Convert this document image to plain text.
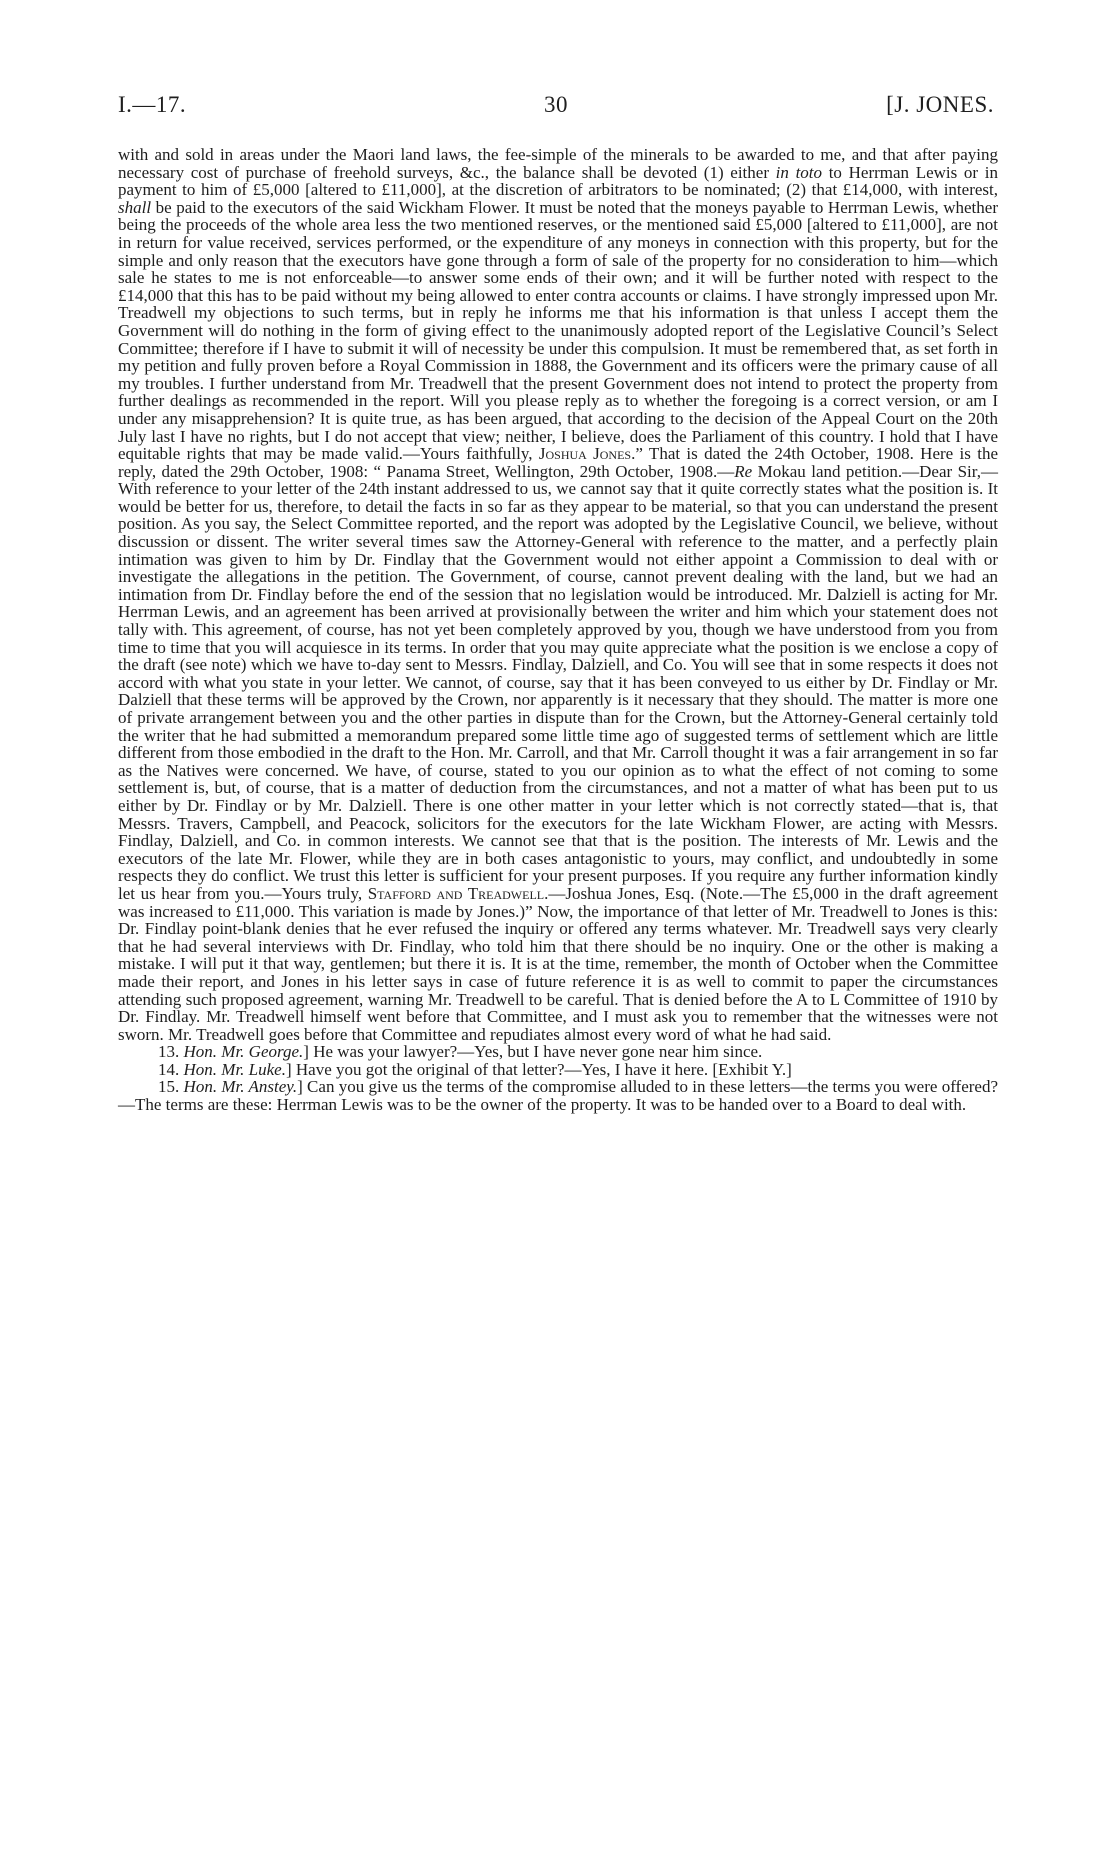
I.—17.	30	[J. JONES.

with and sold in areas under the Maori land laws, the fee-simple of the minerals to be awarded to me, and that after paying necessary cost of purchase of freehold surveys, &c., the balance shall be devoted (1) either in toto to Herrman Lewis or in payment to him of £5,000 [altered to £11,000], at the discretion of arbitrators to be nominated; (2) that £14,000, with interest, shall be paid to the executors of the said Wickham Flower. It must be noted that the moneys payable to Herrman Lewis, whether being the proceeds of the whole area less the two mentioned reserves, or the mentioned said £5,000 [altered to £11,000], are not in return for value received, services performed, or the expenditure of any moneys in connection with this property, but for the simple and only reason that the executors have gone through a form of sale of the property for no consideration to him—which sale he states to me is not enforceable—to answer some ends of their own; and it will be further noted with respect to the £14,000 that this has to be paid without my being allowed to enter contra accounts or claims. I have strongly impressed upon Mr. Treadwell my objections to such terms, but in reply he informs me that his information is that unless I accept them the Government will do nothing in the form of giving effect to the unanimously adopted report of the Legislative Council’s Select Committee; therefore if I have to submit it will of necessity be under this compulsion. It must be remembered that, as set forth in my petition and fully proven before a Royal Commission in 1888, the Government and its officers were the primary cause of all my troubles. I further understand from Mr. Treadwell that the present Government does not intend to protect the property from further dealings as recommended in the report. Will you please reply as to whether the foregoing is a correct version, or am I under any misapprehension? It is quite true, as has been argued, that according to the decision of the Appeal Court on the 20th July last I have no rights, but I do not accept that view; neither, I believe, does the Parliament of this country. I hold that I have equitable rights that may be made valid.—Yours faithfully, Joshua Jones.” That is dated the 24th October, 1908. Here is the reply, dated the 29th October, 1908: “ Panama Street, Wellington, 29th October, 1908.—Re Mokau land petition.—Dear Sir,—With reference to your letter of the 24th instant addressed to us, we cannot say that it quite correctly states what the position is. It would be better for us, therefore, to detail the facts in so far as they appear to be material, so that you can understand the present position. As you say, the Select Committee reported, and the report was adopted by the Legislative Council, we believe, without discussion or dissent. The writer several times saw the Attorney-General with reference to the matter, and a perfectly plain intimation was given to him by Dr. Findlay that the Government would not either appoint a Commission to deal with or investigate the allegations in the petition. The Government, of course, cannot prevent dealing with the land, but we had an intimation from Dr. Findlay before the end of the session that no legislation would be introduced. Mr. Dalziell is acting for Mr. Herrman Lewis, and an agreement has been arrived at provisionally between the writer and him which your statement does not tally with. This agreement, of course, has not yet been completely approved by you, though we have understood from you from time to time that you will acquiesce in its terms. In order that you may quite appreciate what the position is we enclose a copy of the draft (see note) which we have to-day sent to Messrs. Findlay, Dalziell, and Co. You will see that in some respects it does not accord with what you state in your letter. We cannot, of course, say that it has been conveyed to us either by Dr. Findlay or Mr. Dalziell that these terms will be approved by the Crown, nor apparently is it necessary that they should. The matter is more one of private arrangement between you and the other parties in dispute than for the Crown, but the Attorney-General certainly told the writer that he had submitted a memorandum prepared some little time ago of suggested terms of settlement which are little different from those embodied in the draft to the Hon. Mr. Carroll, and that Mr. Carroll thought it was a fair arrangement in so far as the Natives were concerned. We have, of course, stated to you our opinion as to what the effect of not coming to some settlement is, but, of course, that is a matter of deduction from the circumstances, and not a matter of what has been put to us either by Dr. Findlay or by Mr. Dalziell. There is one other matter in your letter which is not correctly stated—that is, that Messrs. Travers, Campbell, and Peacock, solicitors for the executors for the late Wickham Flower, are acting with Messrs. Findlay, Dalziell, and Co. in common interests. We cannot see that that is the position. The interests of Mr. Lewis and the executors of the late Mr. Flower, while they are in both cases antagonistic to yours, may conflict, and undoubtedly in some respects they do conflict. We trust this letter is sufficient for your present purposes. If you require any further information kindly let us hear from you.—Yours truly, Stafford and Treadwell.—Joshua Jones, Esq. (Note.—The £5,000 in the draft agreement was increased to £11,000. This variation is made by Jones.)” Now, the importance of that letter of Mr. Treadwell to Jones is this: Dr. Findlay point-blank denies that he ever refused the inquiry or offered any terms whatever. Mr. Treadwell says very clearly that he had several interviews with Dr. Findlay, who told him that there should be no inquiry. One or the other is making a mistake. I will put it that way, gentlemen; but there it is. It is at the time, remember, the month of October when the Committee made their report, and Jones in his letter says in case of future reference it is as well to commit to paper the circumstances attending such proposed agreement, warning Mr. Treadwell to be careful. That is denied before the A to L Committee of 1910 by Dr. Findlay. Mr. Treadwell himself went before that Committee, and I must ask you to remember that the witnesses were not sworn. Mr. Treadwell goes before that Committee and repudiates almost every word of what he had said.

13. Hon. Mr. George.] He was your lawyer?—Yes, but I have never gone near him since.

14. Hon. Mr. Luke.] Have you got the original of that letter?—Yes, I have it here. [Exhibit Y.]

15. Hon. Mr. Anstey.] Can you give us the terms of the compromise alluded to in these letters—the terms you were offered?—The terms are these: Herrman Lewis was to be the owner of the property. It was to be handed over to a Board to deal with.
